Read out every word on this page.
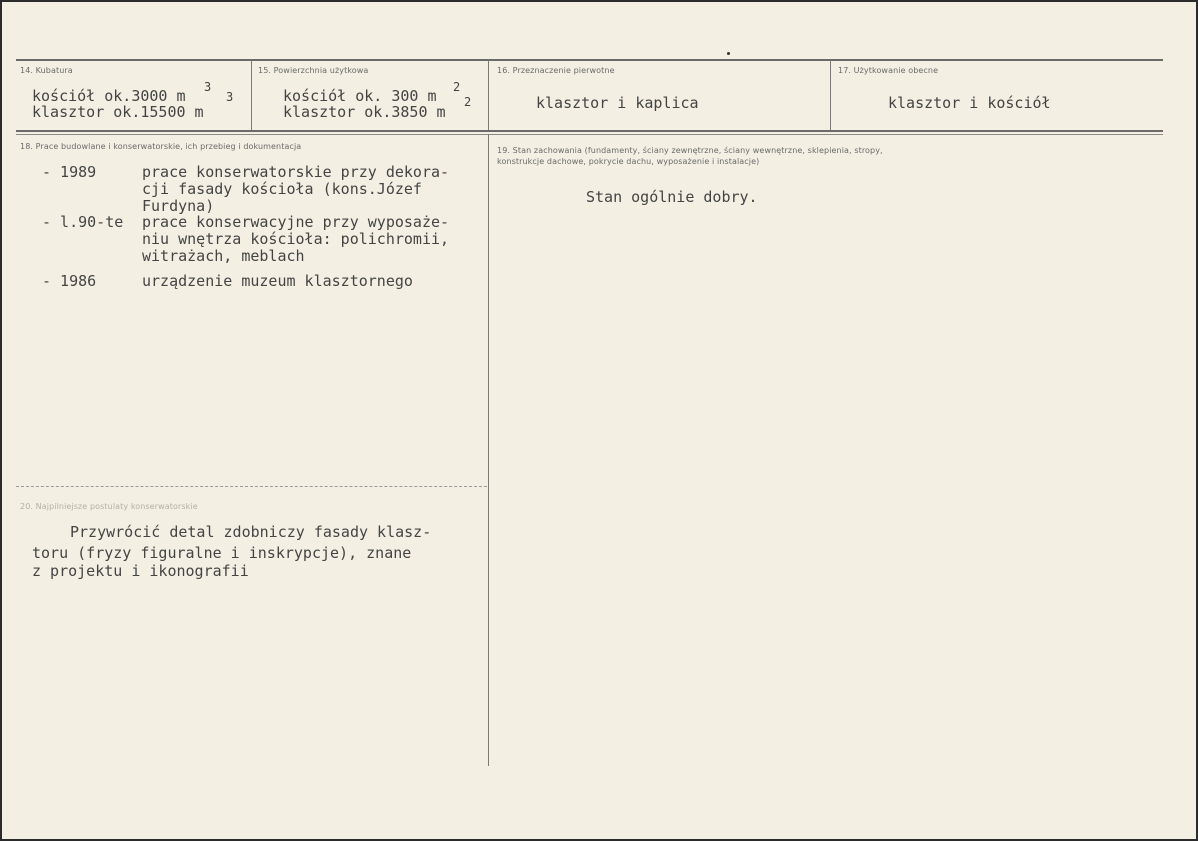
14. Kubatura
kościół ok.3000 m 3
klasztor ok.15500 m
3
15. Powierzchnia użytkowa
kościół ok. 300 m 2
klasztor ok.3850 m
2
16. Przeznaczenie pierwotne
klasztor i kaplica
17. Użytkowanie obecne
klasztor i kościół
18. Prace budowlane i konserwatorskie, ich przebieg i dokumentacja
- 1989	prace konserwatorskie przy dekora-
cji fasady kościoła (kons.Józef
Furdyna)
- l.90-te prace konserwacyjne przy wyposaże-
niu wnętrza kościoła: polichromii,
witrażach, meblach
- 1986	urządzenie muzeum klasztornego
19. Stan zachowania (fundamenty, ściany zewnętrzne, ściany wewnętrzne, sklepienia, stropy,
konstrukcje dachowe, pokrycie dachu, wyposażenie i instalacje)
Stan ogólnie dobry.
20. Najpilniejsze postulaty konserwatorskie
Przywrócić detal zdobniczy fasady klasz-
toru (fryzy figuralne i inskrypcje), znane
z projektu i ikonografii
